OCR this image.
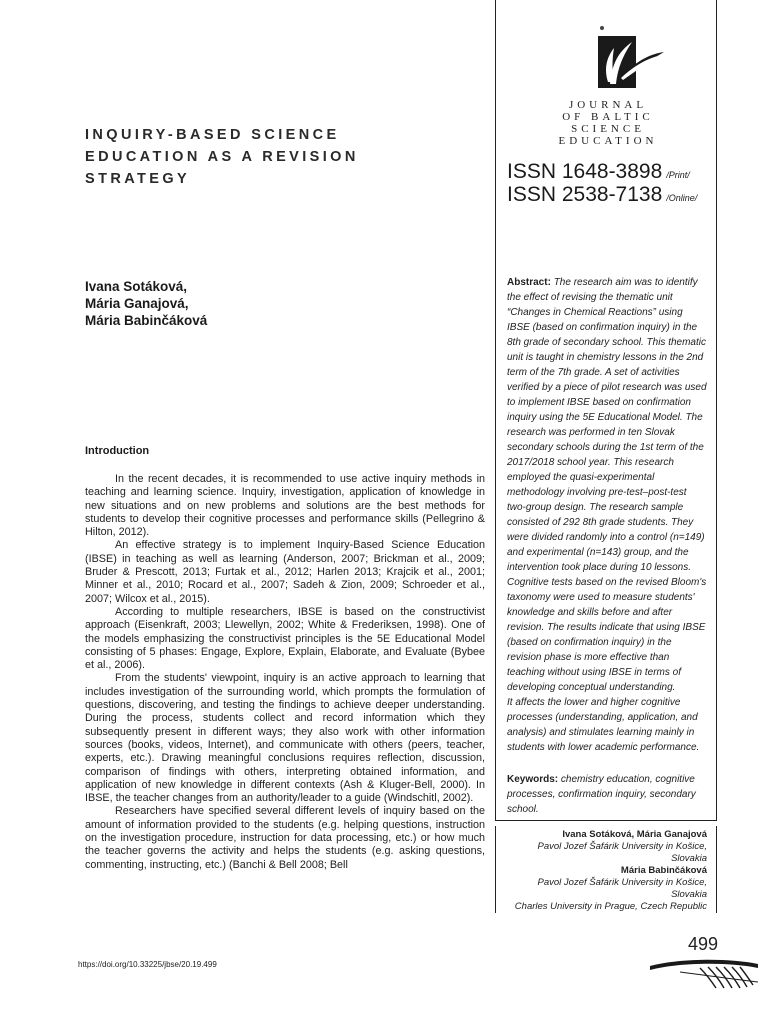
JOURNAL
OF BALTIC
SCIENCE
EDUCATION
ISSN 1648-3898 /Print/
ISSN 2538-7138 /Online/
Abstract: The research aim was to identify the effect of revising the thematic unit “Changes in Chemical Reactions” using IBSE (based on confirmation inquiry) in the 8th grade of secondary school. This thematic unit is taught in chemistry lessons in the 2nd term of the 7th grade. A set of activities verified by a piece of pilot research was used to implement IBSE based on confirmation inquiry using the 5E Educational Model. The research was performed in ten Slovak secondary schools during the 1st term of the 2017/2018 school year. This research employed the quasi-experimental methodology involving pre-test–post-test two-group design. The research sample consisted of 292 8th grade students. They were divided randomly into a control (n=149) and experimental (n=143) group, and the intervention took place during 10 lessons. Cognitive tests based on the revised Bloom's taxonomy were used to measure students' knowledge and skills before and after revision. The results indicate that using IBSE (based on confirmation inquiry) in the revision phase is more effective than teaching without using IBSE in terms of developing conceptual understanding.
It affects the lower and higher cognitive processes (understanding, application, and analysis) and stimulates learning mainly in students with lower academic performance.
Keywords: chemistry education, cognitive processes, confirmation inquiry, secondary school.
Ivana Sotáková, Mária Ganajová
Pavol Jozef Šafárik University in Košice,
Slovakia
Mária Babinčáková
Pavol Jozef Šafárik University in Košice,
Slovakia
Charles University in Prague, Czech Republic
INQUIRY-BASED SCIENCE
EDUCATION AS A REVISION
STRATEGY
Ivana Sotáková,
Mária Ganajová,
Mária Babinčáková
Introduction

In the recent decades, it is recommended to use active inquiry methods in teaching and learning science. Inquiry, investigation, application of knowledge in new situations and on new problems and solutions are the best methods for students to develop their cognitive processes and performance skills (Pellegrino & Hilton, 2012).

An effective strategy is to implement Inquiry-Based Science Education (IBSE) in teaching as well as learning (Anderson, 2007; Brickman et al., 2009; Bruder & Prescott, 2013; Furtak et al., 2012; Harlen 2013; Krajcik et al., 2001; Minner et al., 2010; Rocard et al., 2007; Sadeh & Zion, 2009; Schroeder et al., 2007; Wilcox et al., 2015).

According to multiple researchers, IBSE is based on the constructivist approach (Eisenkraft, 2003; Llewellyn, 2002; White & Frederiksen, 1998). One of the models emphasizing the constructivist principles is the 5E Educational Model consisting of 5 phases: Engage, Explore, Explain, Elaborate, and Evaluate (Bybee et al., 2006).

From the students' viewpoint, inquiry is an active approach to learning that includes investigation of the surrounding world, which prompts the formulation of questions, discovering, and testing the findings to achieve deeper understanding. During the process, students collect and record information which they subsequently present in different ways; they also work with other information sources (books, videos, Internet), and communicate with others (peers, teacher, experts, etc.). Drawing meaningful conclusions requires reflection, discussion, comparison of findings with others, interpreting obtained information, and application of new knowledge in different contexts (Ash & Kluger-Bell, 2000). In IBSE, the teacher changes from an authority/leader to a guide (Windschitl, 2002).

Researchers have specified several different levels of inquiry based on the amount of information provided to the students (e.g. helping questions, instruction on the investigation procedure, instruction for data processing, etc.) or how much the teacher governs the activity and helps the students (e.g. asking questions, commenting, instructing, etc.) (Banchi & Bell 2008; Bell

https://doi.org/10.33225/jbse/20.19.499
499
